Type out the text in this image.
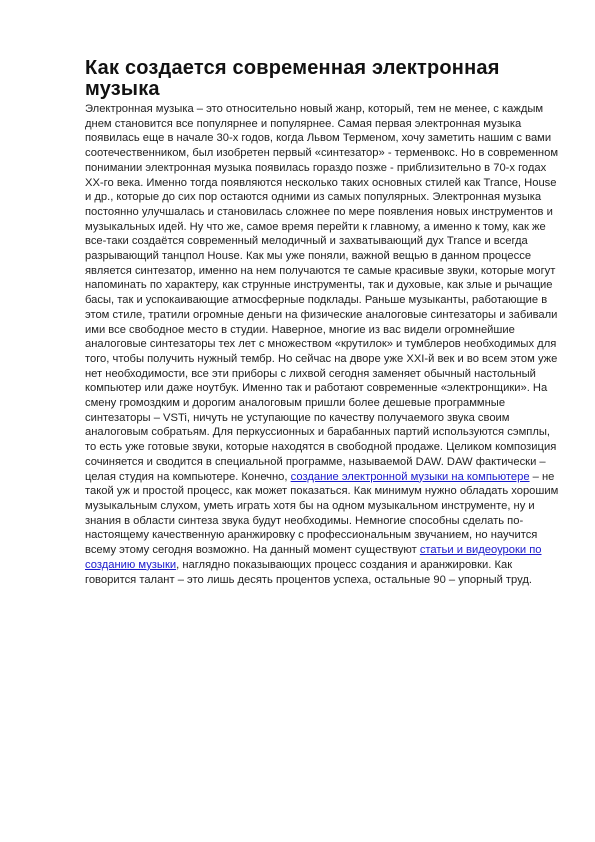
Как создается современная электронная музыка

Электронная музыка – это относительно новый жанр, который, тем не менее, с каждым днем становится все популярнее и популярнее. Самая первая электронная музыка появилась еще в начале 30-х годов, когда Львом Терменом, хочу заметить нашим с вами соотечественником, был изобретен первый «синтезатор» - терменвокс. Но в современном понимании электронная музыка появилась гораздо позже - приблизительно в 70-х годах XX-го века. Именно тогда появляются несколько таких основных стилей как Trance, House и др., которые до сих пор остаются одними из самых популярных. Электронная музыка постоянно улучшалась и становилась сложнее по мере появления новых инструментов и музыкальных идей. Ну что же, самое время перейти к главному, а именно к тому, как же все-таки создаётся современный мелодичный и захватывающий дух Trance и всегда разрывающий танцпол House. Как мы уже поняли, важной вещью в данном процессе является синтезатор, именно на нем получаются те самые красивые звуки, которые могут напоминать по характеру, как струнные инструменты, так и духовые, как злые и рычащие басы, так и успокаивающие атмосферные подклады. Раньше музыканты, работающие в этом стиле, тратили огромные деньги на физические аналоговые синтезаторы и забивали ими все свободное место в студии. Наверное, многие из вас видели огромнейшие аналоговые синтезаторы тех лет с множеством «крутилок» и тумблеров необходимых для того, чтобы получить нужный тембр. Но сейчас на дворе уже XXI-й век и во всем этом уже нет необходимости, все эти приборы с лихвой сегодня заменяет обычный настольный компьютер или даже ноутбук. Именно так и работают современные «электронщики». На смену громоздким и дорогим аналоговым пришли более дешевые программные синтезаторы – VSTi, ничуть не уступающие по качеству получаемого звука своим аналоговым собратьям. Для перкуссионных и барабанных партий используются сэмплы, то есть уже готовые звуки, которые находятся в свободной продаже. Целиком композиция сочиняется и сводится в специальной программе, называемой DAW. DAW фактически – целая студия на компьютере. Конечно, создание электронной музыки на компьютере – не такой уж и простой процесс, как может показаться. Как минимум нужно обладать хорошим музыкальным слухом, уметь играть хотя бы на одном музыкальном инструменте, ну и знания в области синтеза звука будут необходимы. Немногие способны сделать по-настоящему качественную аранжировку с профессиональным звучанием, но научится всему этому сегодня возможно. На данный момент существуют статьи и видеоуроки по созданию музыки, наглядно показывающих процесс создания и аранжировки. Как говорится талант – это лишь десять процентов успеха, остальные 90 – упорный труд.
